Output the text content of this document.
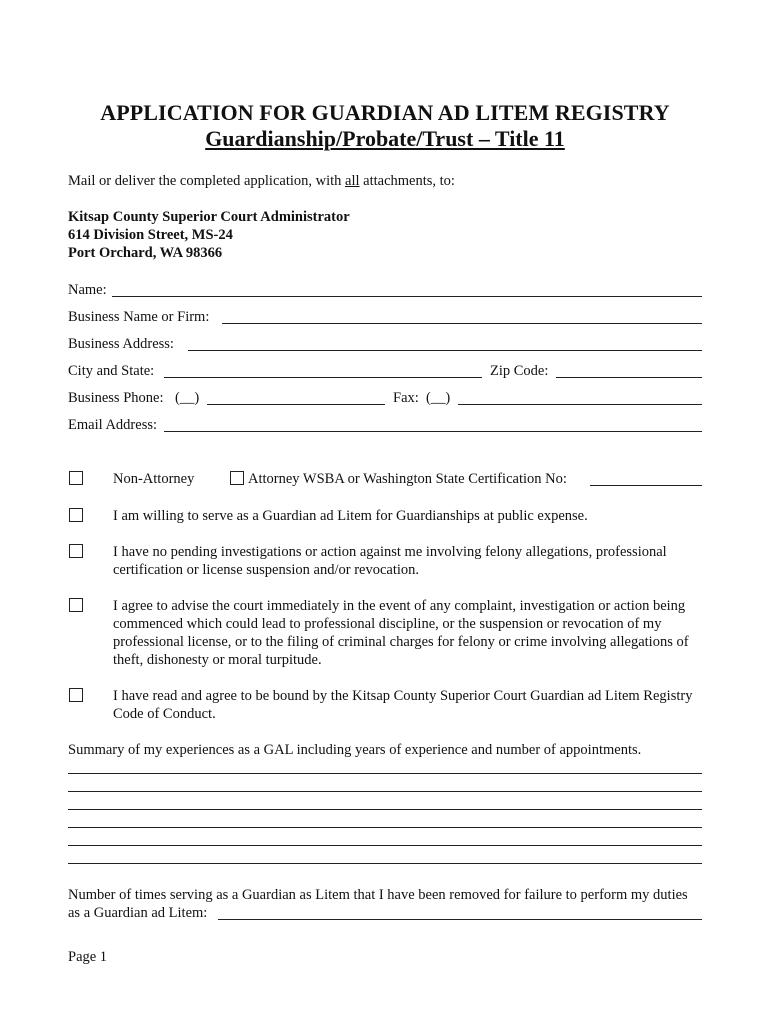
APPLICATION FOR GUARDIAN AD LITEM REGISTRY
Guardianship/Probate/Trust – Title 11
Mail or deliver the completed application, with all attachments, to:
Kitsap County Superior Court Administrator
614 Division Street, MS-24
Port Orchard, WA 98366
Name:
Business Name or Firm:
Business Address:
City and State:	Zip Code:
Business Phone: (__)	Fax: (__)
Email Address:
Non-Attorney	Attorney WSBA or Washington State Certification No:
I am willing to serve as a Guardian ad Litem for Guardianships at public expense.
I have no pending investigations or action against me involving felony allegations, professional
certification or license suspension and/or revocation.
I agree to advise the court immediately in the event of any complaint, investigation or action being
commenced which could lead to professional discipline, or the suspension or revocation of my
professional license, or to the filing of criminal charges for felony or crime involving allegations of
theft, dishonesty or moral turpitude.
I have read and agree to be bound by the Kitsap County Superior Court Guardian ad Litem Registry
Code of Conduct.
Summary of my experiences as a GAL including years of experience and number of appointments.
Number of times serving as a Guardian as Litem that I have been removed for failure to perform my duties
as a Guardian ad Litem:
Page 1
